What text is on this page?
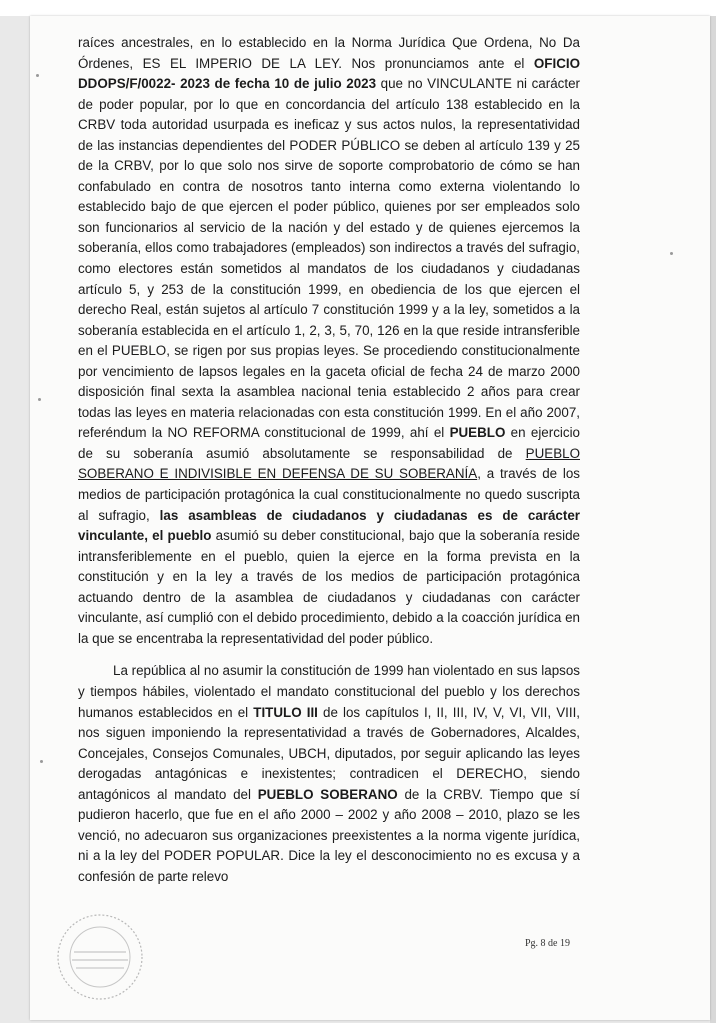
raíces ancestrales, en lo establecido en la Norma Jurídica Que Ordena, No Da Órdenes, ES EL IMPERIO DE LA LEY. Nos pronunciamos ante el OFICIO DDOPS/F/0022- 2023 de fecha 10 de julio 2023 que no VINCULANTE ni carácter de poder popular, por lo que en concordancia del artículo 138 establecido en la CRBV toda autoridad usurpada es ineficaz y sus actos nulos, la representatividad de las instancias dependientes del PODER PÚBLICO se deben al artículo 139 y 25 de la CRBV, por lo que solo nos sirve de soporte comprobatorio de cómo se han confabulado en contra de nosotros tanto interna como externa violentando lo establecido bajo de que ejercen el poder público, quienes por ser empleados solo son funcionarios al servicio de la nación y del estado y de quienes ejercemos la soberanía, ellos como trabajadores (empleados) son indirectos a través del sufragio, como electores están sometidos al mandatos de los ciudadanos y ciudadanas artículo 5, y 253 de la constitución 1999, en obediencia de los que ejercen el derecho Real, están sujetos al artículo 7 constitución 1999 y a la ley, sometidos a la soberanía establecida en el artículo 1, 2, 3, 5, 70, 126 en la que reside intransferible en el PUEBLO, se rigen por sus propias leyes. Se procediendo constitucionalmente por vencimiento de lapsos legales en la gaceta oficial de fecha 24 de marzo 2000 disposición final sexta la asamblea nacional tenia establecido 2 años para crear todas las leyes en materia relacionadas con esta constitución 1999. En el año 2007, referéndum la NO REFORMA constitucional de 1999, ahí el PUEBLO en ejercicio de su soberanía asumió absolutamente se responsabilidad de PUEBLO SOBERANO E INDIVISIBLE EN DEFENSA DE SU SOBERANÍA, a través de los medios de participación protagónica la cual constitucionalmente no quedo suscripta al sufragio, las asambleas de ciudadanos y ciudadanas es de carácter vinculante, el pueblo asumió su deber constitucional, bajo que la soberanía reside intransferiblemente en el pueblo, quien la ejerce en la forma prevista en la constitución y en la ley a través de los medios de participación protagónica actuando dentro de la asamblea de ciudadanos y ciudadanas con carácter vinculante, así cumplió con el debido procedimiento, debido a la coacción jurídica en la que se encentraba la representatividad del poder público.

La república al no asumir la constitución de 1999 han violentado en sus lapsos y tiempos hábiles, violentado el mandato constitucional del pueblo y los derechos humanos establecidos en el TITULO III de los capítulos I, II, III, IV, V, VI, VII, VIII, nos siguen imponiendo la representatividad a través de Gobernadores, Alcaldes, Concejales, Consejos Comunales, UBCH, diputados, por seguir aplicando las leyes derogadas antagónicas e inexistentes; contradicen el DERECHO, siendo antagónicos al mandato del PUEBLO SOBERANO de la CRBV. Tiempo que sí pudieron hacerlo, que fue en el año 2000 – 2002 y año 2008 – 2010, plazo se les venció, no adecuaron sus organizaciones preexistentes a la norma vigente jurídica, ni a la ley del PODER POPULAR. Dice la ley el desconocimiento no es excusa y a confesión de parte relevo

Pg. 8 de 19
